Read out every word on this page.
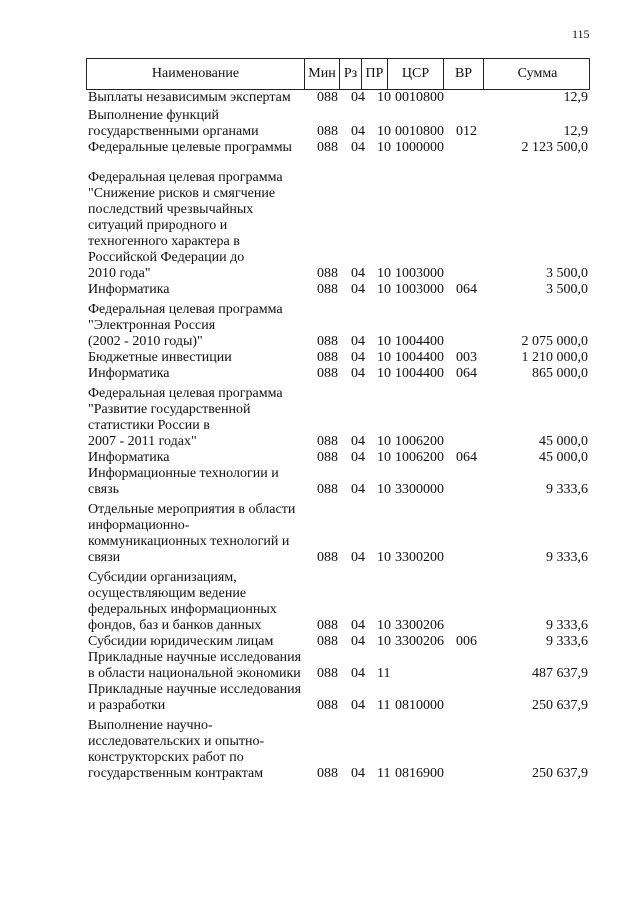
115
Наименование	Мин Рз ПР	ЦСР	ВР	Сумма
Выплаты независимым экспертам	088 04 10 0010800	12,9
Выполнение функций
государственными органами	088 04 10 0010800 012	12,9
Федеральные целевые программы	088 04 10 1000000	2 123 500,0
Федеральная целевая программа
"Снижение рисков и смягчение
последствий чрезвычайных
ситуаций природного и
техногенного характера в
Российской Федерации до
2010 года"	088 04 10 1003000	3 500,0
Информатика	088 04 10 1003000 064	3 500,0
Федеральная целевая программа
"Электронная Россия
(2002 - 2010 годы)"	088 04 10 1004400	2 075 000,0
Бюджетные инвестиции	088 04 10 1004400 003	1 210 000,0
Информатика	088 04 10 1004400 064	865 000,0
Федеральная целевая программа
"Развитие государственной
статистики России в
2007 - 2011 годах"	088 04 10 1006200	45 000,0
Информатика	088 04 10 1006200 064	45 000,0
Информационные технологии и
связь	088 04 10 3300000	9 333,6
Отдельные мероприятия в области
информационно-
коммуникационных технологий и
связи	088 04 10 3300200	9 333,6
Субсидии организациям,
осуществляющим ведение
федеральных информационных
фондов, баз и банков данных	088 04 10 3300206	9 333,6
Субсидии юридическим лицам	088 04 10 3300206 006	9 333,6
Прикладные научные исследования
в области национальной экономики	088 04 11	487 637,9
Прикладные научные исследования
и разработки	088 04 11 0810000	250 637,9
Выполнение научно-
исследовательских и опытно-
конструкторских работ по
государственным контрактам	088 04 11 0816900	250 637,9
